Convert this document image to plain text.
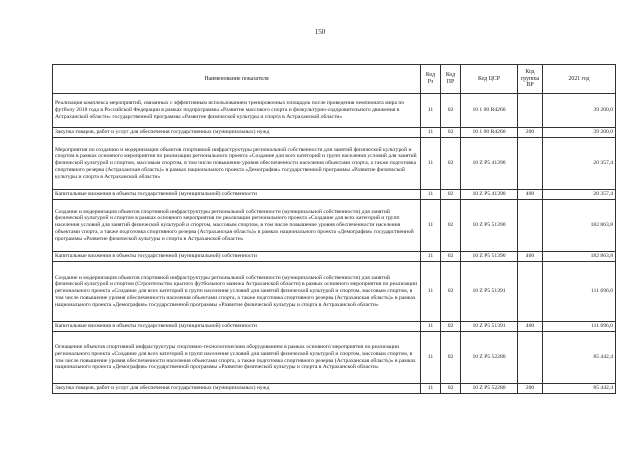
150
Наименование показателя	Код Рз	Код ПР	Код ЦСР	Код группы ВР	2021 год
Реализация комплекса мероприятий, связанных с эффективным использованием тренировочных площадок после проведения чемпионата мира по футболу 2018 года в Российской Федерации в рамках подпрограммы «Развитие массового спорта и физкультурно-оздоровительного движения в Астраханской области» государственной программы «Развитие физической культуры и спорта в Астраханской области»	11	02	10 1 00 R4260		39 200,0
Закупка товаров, работ и услуг для обеспечения государственных (муниципальных) нужд	11	02	10 1 00 R4260	200	39 200,0
Мероприятия по созданию и модернизации объектов спортивной инфраструктуры региональной собственности для занятий физической культурой и спортом в рамках основного мероприятия по реализации регионального проекта «Создание для всех категорий и групп населения условий для занятий физической культурой и спортом, массовым спортом, в том числе повышение уровня обеспеченности населения объектами спорта, а также подготовка спортивного резерва (Астраханская область)» в рамках национального проекта «Демография» государственной программы «Развитие физической культуры и спорта в Астраханской области»	11	02	10 Z P5 41390		20 357,4
Капитальные вложения в объекты государственной (муниципальной) собственности	11	02	10 Z P5 41390	400	20 357,4
Создание и модернизация объектов спортивной инфраструктуры региональной собственности (муниципальной собственности) для занятий физической культурой и спортом в рамках основного мероприятия по реализации регионального проекта «Создание для всех категорий и групп населения условий для занятий физической культурой и спортом, массовым спортом, в том числе повышение уровня обеспеченности населения объектами спорта, а также подготовка спортивного резерва (Астраханская область)» в рамках национального проекта «Демография» государственной программы «Развитие физической культуры и спорта в Астраханской области»	11	02	10 Z P5 51390		182 863,8
Капитальные вложения в объекты государственной (муниципальной) собственности	11	02	10 Z P5 51390	400	182 863,8
Создание и модернизация объектов спортивной инфраструктуры региональной собственности (муниципальной собственности) для занятий физической культурой и спортом (Строительство крытого футбольного манежа Астраханской области) в рамках основного мероприятия по реализации регионального проекта «Создание для всех категорий и групп населения условий для занятий физической культурой и спортом, массовым спортом, в том числе повышение уровня обеспеченности населения объектами спорта, а также подготовка спортивного резерва (Астраханская область)» в рамках национального проекта «Демография» государственной программы «Развитие физической культуры и спорта в Астраханской области»	11	02	10 Z P5 51391		111 696,0
Капитальные вложения в объекты государственной (муниципальной) собственности	11	02	10 Z P5 51391	400	111 696,0
Оснащение объектов спортивной инфраструктуры спортивно-технологическим оборудованием в рамках основного мероприятия по реализации регионального проекта «Создание для всех категорий и групп населения условий для занятий физической культурой и спортом, массовым спортом, в том числе повышение уровня обеспеченности населения объектами спорта, а также подготовка спортивного резерва (Астраханская область)» в рамках национального проекта «Демография» государственной программы «Развитие физической культуры и спорта в Астраханской области»	11	02	10 Z P5 52280		85 442,4
Закупка товаров, работ и услуг для обеспечения государственных (муниципальных) нужд	11	02	10 Z P5 52280	200	85 442,4
